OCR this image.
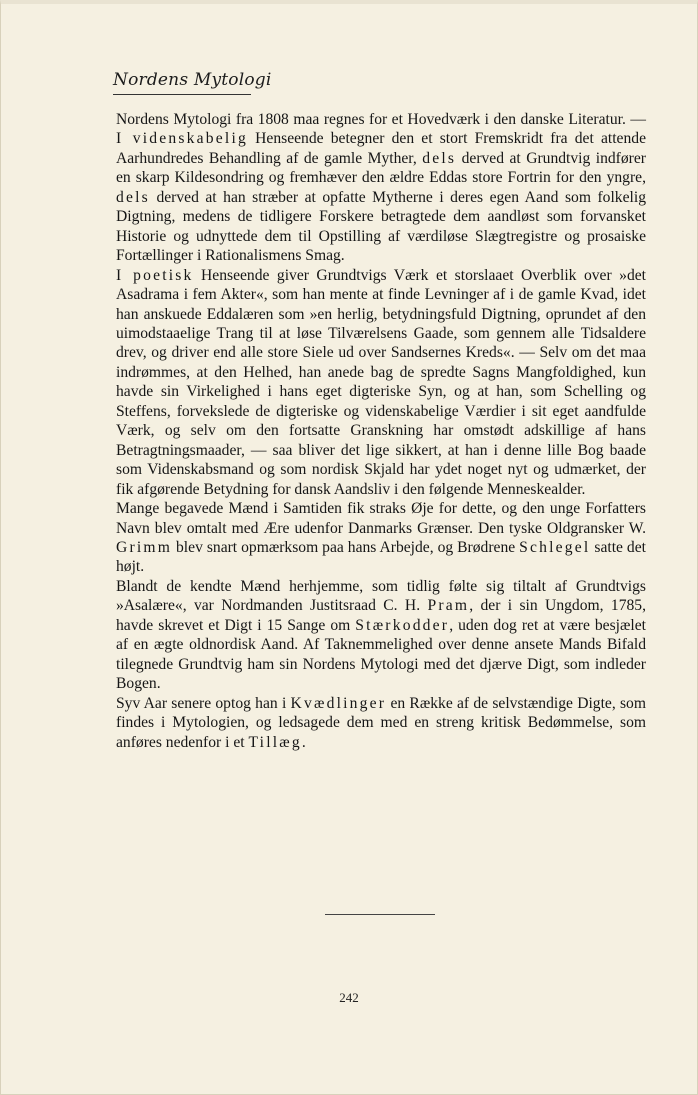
Nordens Mytologi

Nordens Mytologi fra 1808 maa regnes for et Hovedværk i den danske Literatur. — I videnskabelig Henseende betegner den et stort Fremskridt fra det attende Aarhundredes Behandling af de gamle Myther, dels derved at Grundtvig indfører en skarp Kildesondring og fremhæver den ældre Eddas store Fortrin for den yngre, dels derved at han stræber at opfatte Mytherne i deres egen Aand som folkelig Digtning, medens de tidligere Forskere betragtede dem aandløst som forvansket Historie og udnyttede dem til Opstilling af værdiløse Slægtregistre og prosaiske Fortællinger i Rationalismens Smag.

I poetisk Henseende giver Grundtvigs Værk et storslaaet Overblik over »det Asadrama i fem Akter«, som han mente at finde Levninger af i de gamle Kvad, idet han anskuede Eddalæren som »en herlig, betydningsfuld Digtning, oprundet af den uimodstaaelige Trang til at løse Tilværelsens Gaade, som gennem alle Tidsaldere drev, og driver end alle store Siele ud over Sandsernes Kreds«. — Selv om det maa indrømmes, at den Helhed, han anede bag de spredte Sagns Mangfoldighed, kun havde sin Virkelighed i hans eget digteriske Syn, og at han, som Schelling og Steffens, forvekslede de digteriske og videnskabelige Værdier i sit eget aandfulde Værk, og selv om den fortsatte Granskning har omstødt adskillige af hans Betragtningsmaader, — saa bliver det lige sikkert, at han i denne lille Bog baade som Videnskabsmand og som nordisk Skjald har ydet noget nyt og udmærket, der fik afgørende Betydning for dansk Aandsliv i den følgende Menneskealder.

Mange begavede Mænd i Samtiden fik straks Øje for dette, og den unge Forfatters Navn blev omtalt med Ære udenfor Danmarks Grænser. Den tyske Oldgransker W. Grimm blev snart opmærksom paa hans Arbejde, og Brødrene Schlegel satte det højt.

Blandt de kendte Mænd herhjemme, som tidlig følte sig tiltalt af Grundtvigs »Asalære«, var Nordmanden Justitsraad C. H. Pram, der i sin Ungdom, 1785, havde skrevet et Digt i 15 Sange om Stærkodder, uden dog ret at være besjælet af en ægte oldnordisk Aand. Af Taknemmelighed over denne ansete Mands Bifald tilegnede Grundtvig ham sin Nordens Mytologi med det djærve Digt, som indleder Bogen.

Syv Aar senere optog han i Kvædlinger en Række af de selvstændige Digte, som findes i Mytologien, og ledsagede dem med en streng kritisk Bedømmelse, som anføres nedenfor i et Tillæg.

242
